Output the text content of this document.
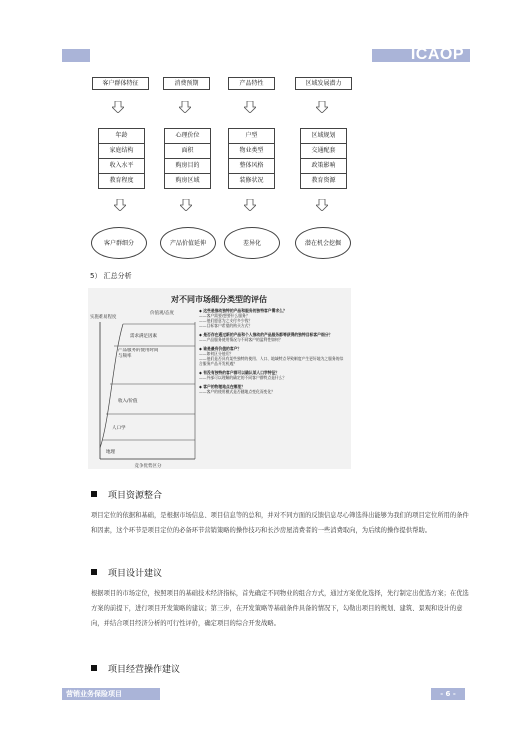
ICAOP
客户群体特征	消费预期	产品特性	区域发展潜力
年龄
家庭结构
收入水平
教育程度
心理价位
面积
购房目的
购房区域
户型
物业类型
整体风格
装修状况
区域规划
交通配套
政策影响
教育资源
客户群细分	产品价值延伸	差异化	潜在机会挖掘
5） 汇总分析
对不同市场细分类型的评估
实施难易程度
价值观/态度
竞争优势区分
需求满足因素
产品服务的使用时间与频率
收入/价值
人口学
地理
◆ 这些是推动独特的产品和服务的独特客户需求么？
——客户需要/想要什么服务？
——他们愿意为之支付多少钱？
——目标客户希望的购买方式？
◆ 是否存在通过新的产品和个人推动的产品服务都等获得的独特目标客户细分？
——产品服务使用情况与不同客户的盈利性如何？
◆ 谁是最有价值的客户？
——如何区分他们？
——他们是否具有某些独特的使用、人口、地域特点导致制度产生更好地为之服务的综合服务产品开发机遇？
◆ 有没有独特的客户群可以确认某人口学特征？
——外部可以理解的确定的不同客户群特点是什么？
◆ 客户的物理地点在哪里？
——客户的使用模式是否随地点变化而变化？
项目资源整合
项目定位的依据和基础，是根据市场信息、项目信息等的总和，并对不同方面的反馈信息尽心筛选得出能够为我们的项目定位所用的条件和因素，这个环节是项目定位的必备环节营销策略的操作技巧和长沙房屋消费者的一些消费取向，为后续的操作提供帮助。
项目设计建议
根据项目的市场定位，按照项目的基础技术经济指标，首先确定不同物业的组合方式，通过方案优化选择，先行制定出优选方案；在优选方案的前提下，进行项目开发策略的建议；第三步，在开发策略等基础条件具备的情况下，勾勒出项目的规划、建筑、景观和设计的意向，并结合项目经济分析的可行性评价，确定项目的综合开发战略。
项目经营操作建议
营销业务保险项目	- 6 -
